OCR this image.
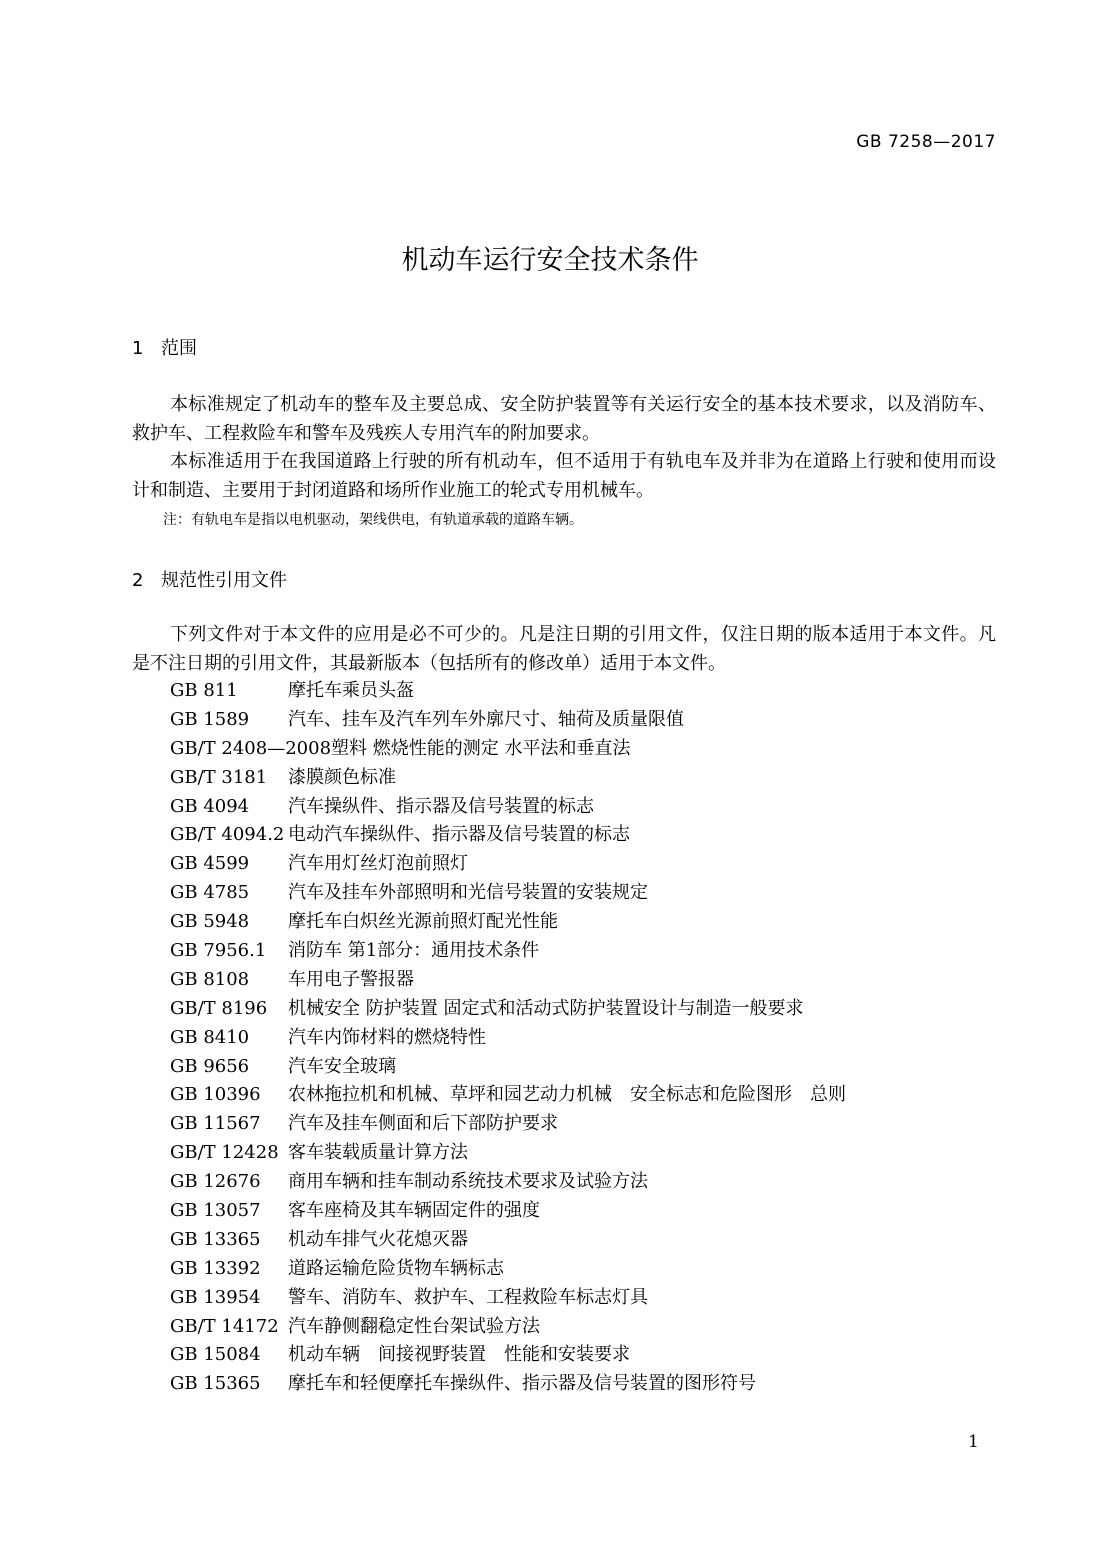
GB 7258—2017
机动车运行安全技术条件
1 范围

本标准规定了机动车的整车及主要总成、安全防护装置等有关运行安全的基本技术要求，以及消防车、救护车、工程救险车和警车及残疾人专用汽车的附加要求。

本标准适用于在我国道路上行驶的所有机动车，但不适用于有轨电车及并非为在道路上行驶和使用而设计和制造、主要用于封闭道路和场所作业施工的轮式专用机械车。

注：有轨电车是指以电机驱动，架线供电，有轨道承载的道路车辆。
2 规范性引用文件

下列文件对于本文件的应用是必不可少的。凡是注日期的引用文件，仅注日期的版本适用于本文件。凡是不注日期的引用文件，其最新版本（包括所有的修改单）适用于本文件。

GB 811	摩托车乘员头盔
GB 1589 汽车、挂车及汽车列车外廓尺寸、轴荷及质量限值
GB/T 2408—2008塑料 燃烧性能的测定 水平法和垂直法
GB/T 3181 漆膜颜色标准
GB 4094 汽车操纵件、指示器及信号装置的标志
GB/T 4094.2 电动汽车操纵件、指示器及信号装置的标志
GB 4599 汽车用灯丝灯泡前照灯
GB 4785 汽车及挂车外部照明和光信号装置的安装规定
GB 5948 摩托车白炽丝光源前照灯配光性能
GB 7956.1 消防车 第1部分：通用技术条件
GB 8108 车用电子警报器
GB/T 8196 机械安全 防护装置 固定式和活动式防护装置设计与制造一般要求
GB 8410 汽车内饰材料的燃烧特性
GB 9656 汽车安全玻璃
GB 10396 农林拖拉机和机械、草坪和园艺动力机械　安全标志和危险图形　总则
GB 11567 汽车及挂车侧面和后下部防护要求
GB/T 12428 客车装载质量计算方法
GB 12676 商用车辆和挂车制动系统技术要求及试验方法
GB 13057 客车座椅及其车辆固定件的强度
GB 13365 机动车排气火花熄灭器
GB 13392 道路运输危险货物车辆标志
GB 13954 警车、消防车、救护车、工程救险车标志灯具
GB/T 14172 汽车静侧翻稳定性台架试验方法
GB 15084 机动车辆　间接视野装置　性能和安装要求
GB 15365 摩托车和轻便摩托车操纵件、指示器及信号装置的图形符号
1
